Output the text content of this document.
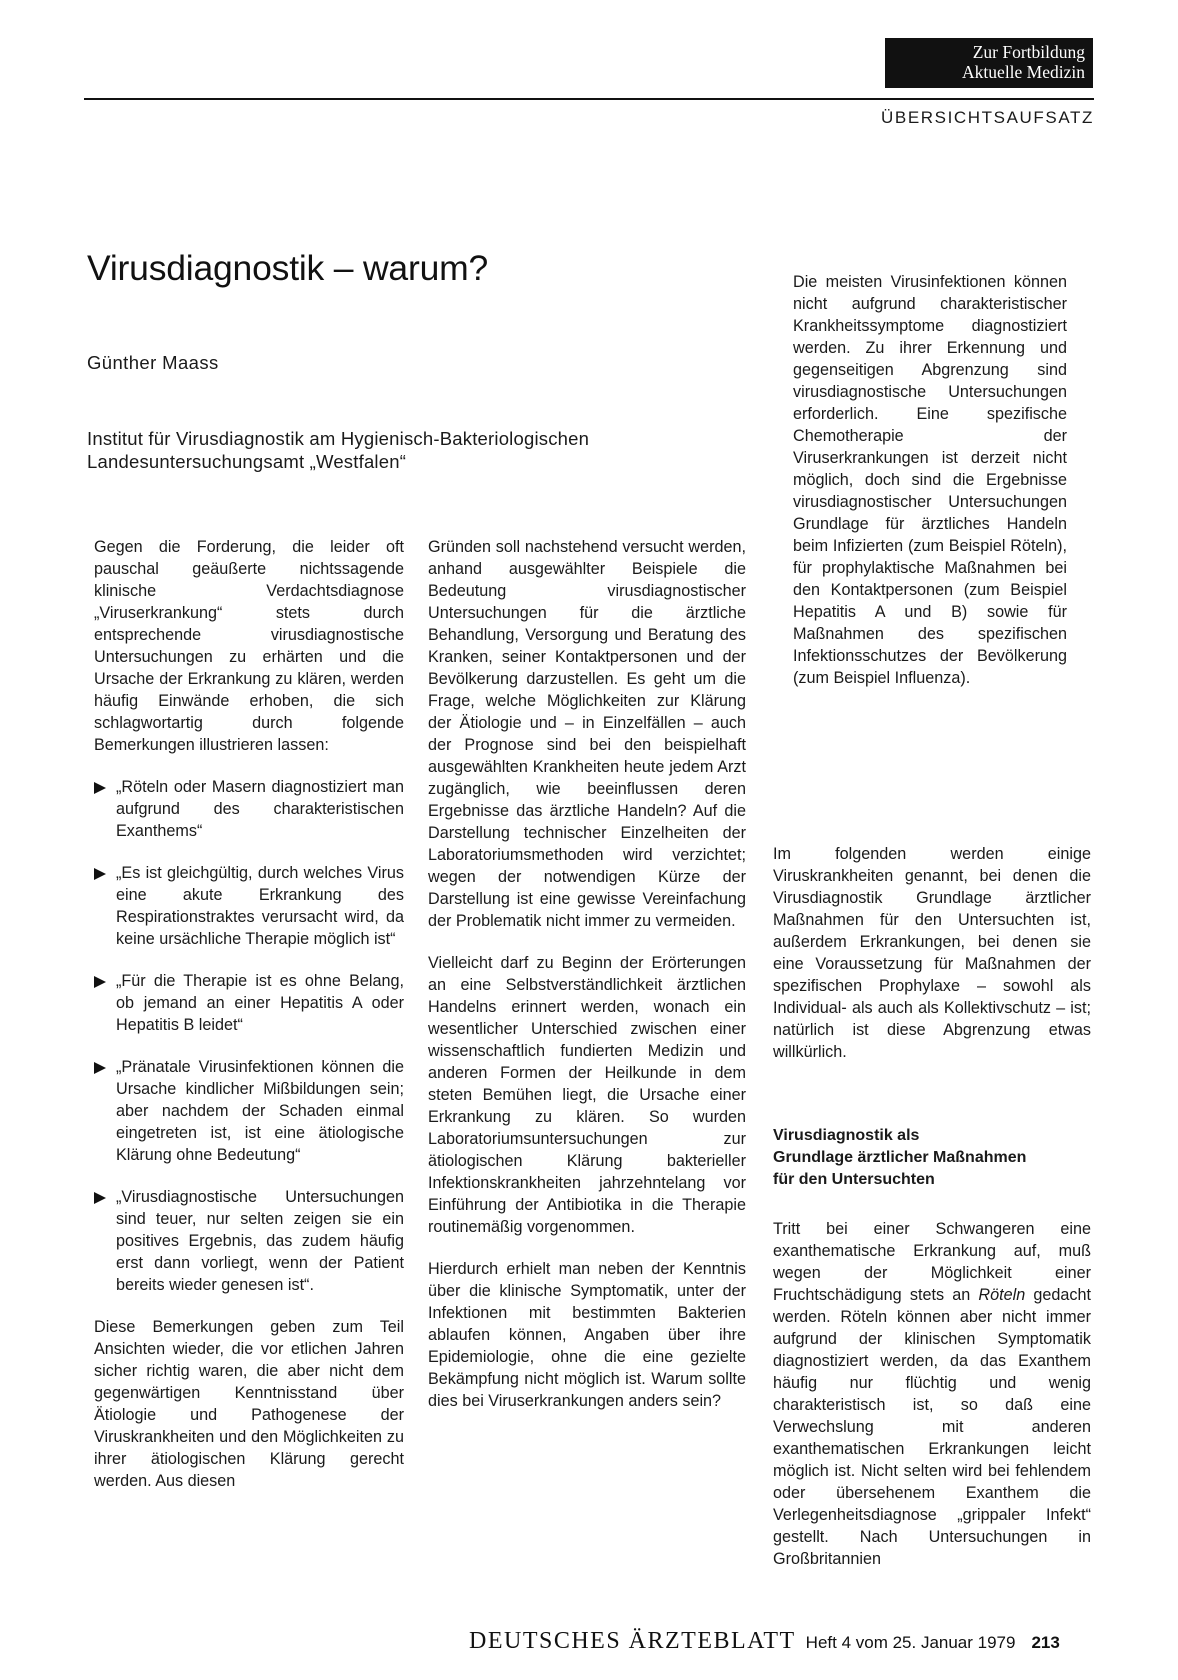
Zur Fortbildung
Aktuelle Medizin
ÜBERSICHTSAUFSATZ
Virusdiagnostik – warum?
Günther Maass
Institut für Virusdiagnostik am Hygienisch-Bakteriologischen
Landesuntersuchungsamt „Westfalen“

Gegen die Forderung, die leider oft pauschal geäußerte nichtssagende klinische Verdachtsdiagnose „Viruserkrankung“ stets durch entsprechende virusdiagnostische Untersuchungen zu erhärten und die Ursache der Erkrankung zu klären, werden häufig Einwände erhoben, die sich schlagwortartig durch folgende Bemerkungen illustrieren lassen:

„Röteln oder Masern diagnostiziert man aufgrund des charakteristischen Exanthems“
„Es ist gleichgültig, durch welches Virus eine akute Erkrankung des Respirationstraktes verursacht wird, da keine ursächliche Therapie möglich ist“
„Für die Therapie ist es ohne Belang, ob jemand an einer Hepatitis A oder Hepatitis B leidet“
„Pränatale Virusinfektionen können die Ursache kindlicher Mißbildungen sein; aber nachdem der Schaden einmal eingetreten ist, ist eine ätiologische Klärung ohne Bedeutung“
„Virusdiagnostische Untersuchungen sind teuer, nur selten zeigen sie ein positives Ergebnis, das zudem häufig erst dann vorliegt, wenn der Patient bereits wieder genesen ist“.

Diese Bemerkungen geben zum Teil Ansichten wieder, die vor etlichen Jahren sicher richtig waren, die aber nicht dem gegenwärtigen Kenntnisstand über Ätiologie und Pathogenese der Viruskrankheiten und den Möglichkeiten zu ihrer ätiologischen Klärung gerecht werden. Aus diesen

Gründen soll nachstehend versucht werden, anhand ausgewählter Beispiele die Bedeutung virusdiagnostischer Untersuchungen für die ärztliche Behandlung, Versorgung und Beratung des Kranken, seiner Kontaktpersonen und der Bevölkerung darzustellen. Es geht um die Frage, welche Möglichkeiten zur Klärung der Ätiologie und – in Einzelfällen – auch der Prognose sind bei den beispielhaft ausgewählten Krankheiten heute jedem Arzt zugänglich, wie beeinflussen deren Ergebnisse das ärztliche Handeln? Auf die Darstellung technischer Einzelheiten der Laboratoriumsmethoden wird verzichtet; wegen der notwendigen Kürze der Darstellung ist eine gewisse Vereinfachung der Problematik nicht immer zu vermeiden.

Vielleicht darf zu Beginn der Erörterungen an eine Selbstverständlichkeit ärztlichen Handelns erinnert werden, wonach ein wesentlicher Unterschied zwischen einer wissenschaftlich fundierten Medizin und anderen Formen der Heilkunde in dem steten Bemühen liegt, die Ursache einer Erkrankung zu klären. So wurden Laboratoriumsuntersuchungen zur ätiologischen Klärung bakterieller Infektionskrankheiten jahrzehntelang vor Einführung der Antibiotika in die Therapie routinemäßig vorgenommen.

Hierdurch erhielt man neben der Kenntnis über die klinische Symptomatik, unter der Infektionen mit bestimmten Bakterien ablaufen können, Angaben über ihre Epidemiologie, ohne die eine gezielte Bekämpfung nicht möglich ist. Warum sollte dies bei Viruserkrankungen anders sein?

Die meisten Virusinfektionen können nicht aufgrund charakteristischer Krankheitssymptome diagnostiziert werden. Zu ihrer Erkennung und gegenseitigen Abgrenzung sind virusdiagnostische Untersuchungen erforderlich. Eine spezifische Chemotherapie der Viruserkrankungen ist derzeit nicht möglich, doch sind die Ergebnisse virusdiagnostischer Untersuchungen Grundlage für ärztliches Handeln beim Infizierten (zum Beispiel Röteln), für prophylaktische Maßnahmen bei den Kontaktpersonen (zum Beispiel Hepatitis A und B) sowie für Maßnahmen des spezifischen Infektionsschutzes der Bevölkerung (zum Beispiel Influenza).

Im folgenden werden einige Viruskrankheiten genannt, bei denen die Virusdiagnostik Grundlage ärztlicher Maßnahmen für den Untersuchten ist, außerdem Erkrankungen, bei denen sie eine Voraussetzung für Maßnahmen der spezifischen Prophylaxe – sowohl als Individual- als auch als Kollektivschutz – ist; natürlich ist diese Abgrenzung etwas willkürlich.

Virusdiagnostik als
Grundlage ärztlicher Maßnahmen
für den Untersuchten

Tritt bei einer Schwangeren eine exanthematische Erkrankung auf, muß wegen der Möglichkeit einer Fruchtschädigung stets an Röteln gedacht werden. Röteln können aber nicht immer aufgrund der klinischen Symptomatik diagnostiziert werden, da das Exanthem häufig nur flüchtig und wenig charakteristisch ist, so daß eine Verwechslung mit anderen exanthematischen Erkrankungen leicht möglich ist. Nicht selten wird bei fehlendem oder übersehenem Exanthem die Verlegenheitsdiagnose „grippaler Infekt“ gestellt. Nach Untersuchungen in Großbritannien

DEUTSCHES ÄRZTEBLATT Heft 4 vom 25. Januar 1979 213
